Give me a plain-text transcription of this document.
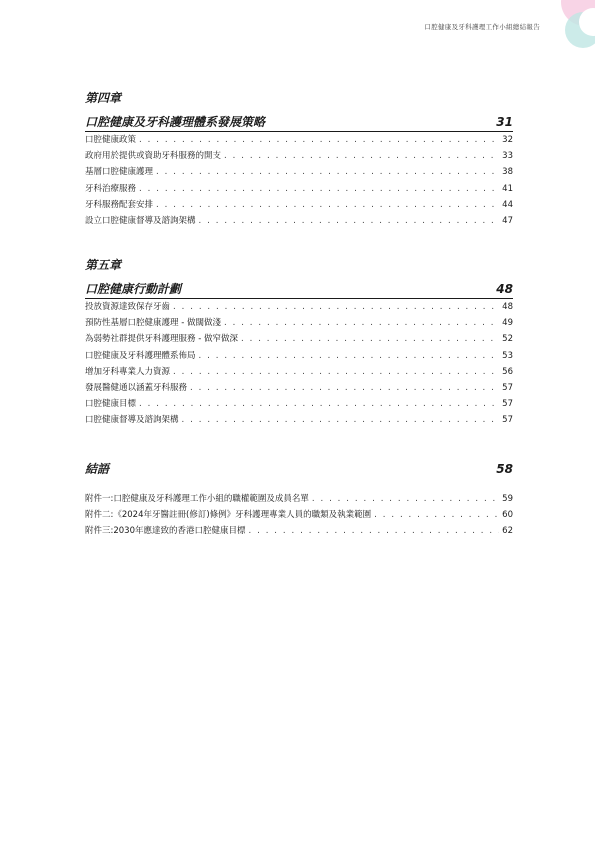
口腔健康及牙科護理工作小組總結報告
第四章
口腔健康及牙科護理體系發展策略	31
口腔健康政策 . . .	32
政府用於提供或資助牙科服務的開支 . . .	33
基層口腔健康護理 . . .	38
牙科治療服務 . . .	41
牙科服務配套安排 . . .	44
設立口腔健康督導及諮詢架構 . . .	47
第五章
口腔健康行動計劃	48
投放資源達致保存牙齒 . . .	48
預防性基層口腔健康護理 - 做闊做淺 . . .	49
為弱勢社群提供牙科護理服務 - 做窄做深 . . .	52
口腔健康及牙科護理體系佈局 . . .	53
增加牙科專業人力資源 . . .	56
發展醫健通以涵蓋牙科服務 . . .	57
口腔健康目標 . . .	57
口腔健康督導及諮詢架構 . . .	57
結語	58
附件一:口腔健康及牙科護理工作小組的職權範圍及成員名單 . . .	59
附件二:《2024年牙醫註冊(修訂)條例》牙科護理專業人員的職類及執業範圍 . . .	60
附件三:2030年應達致的香港口腔健康目標 . . .	62
